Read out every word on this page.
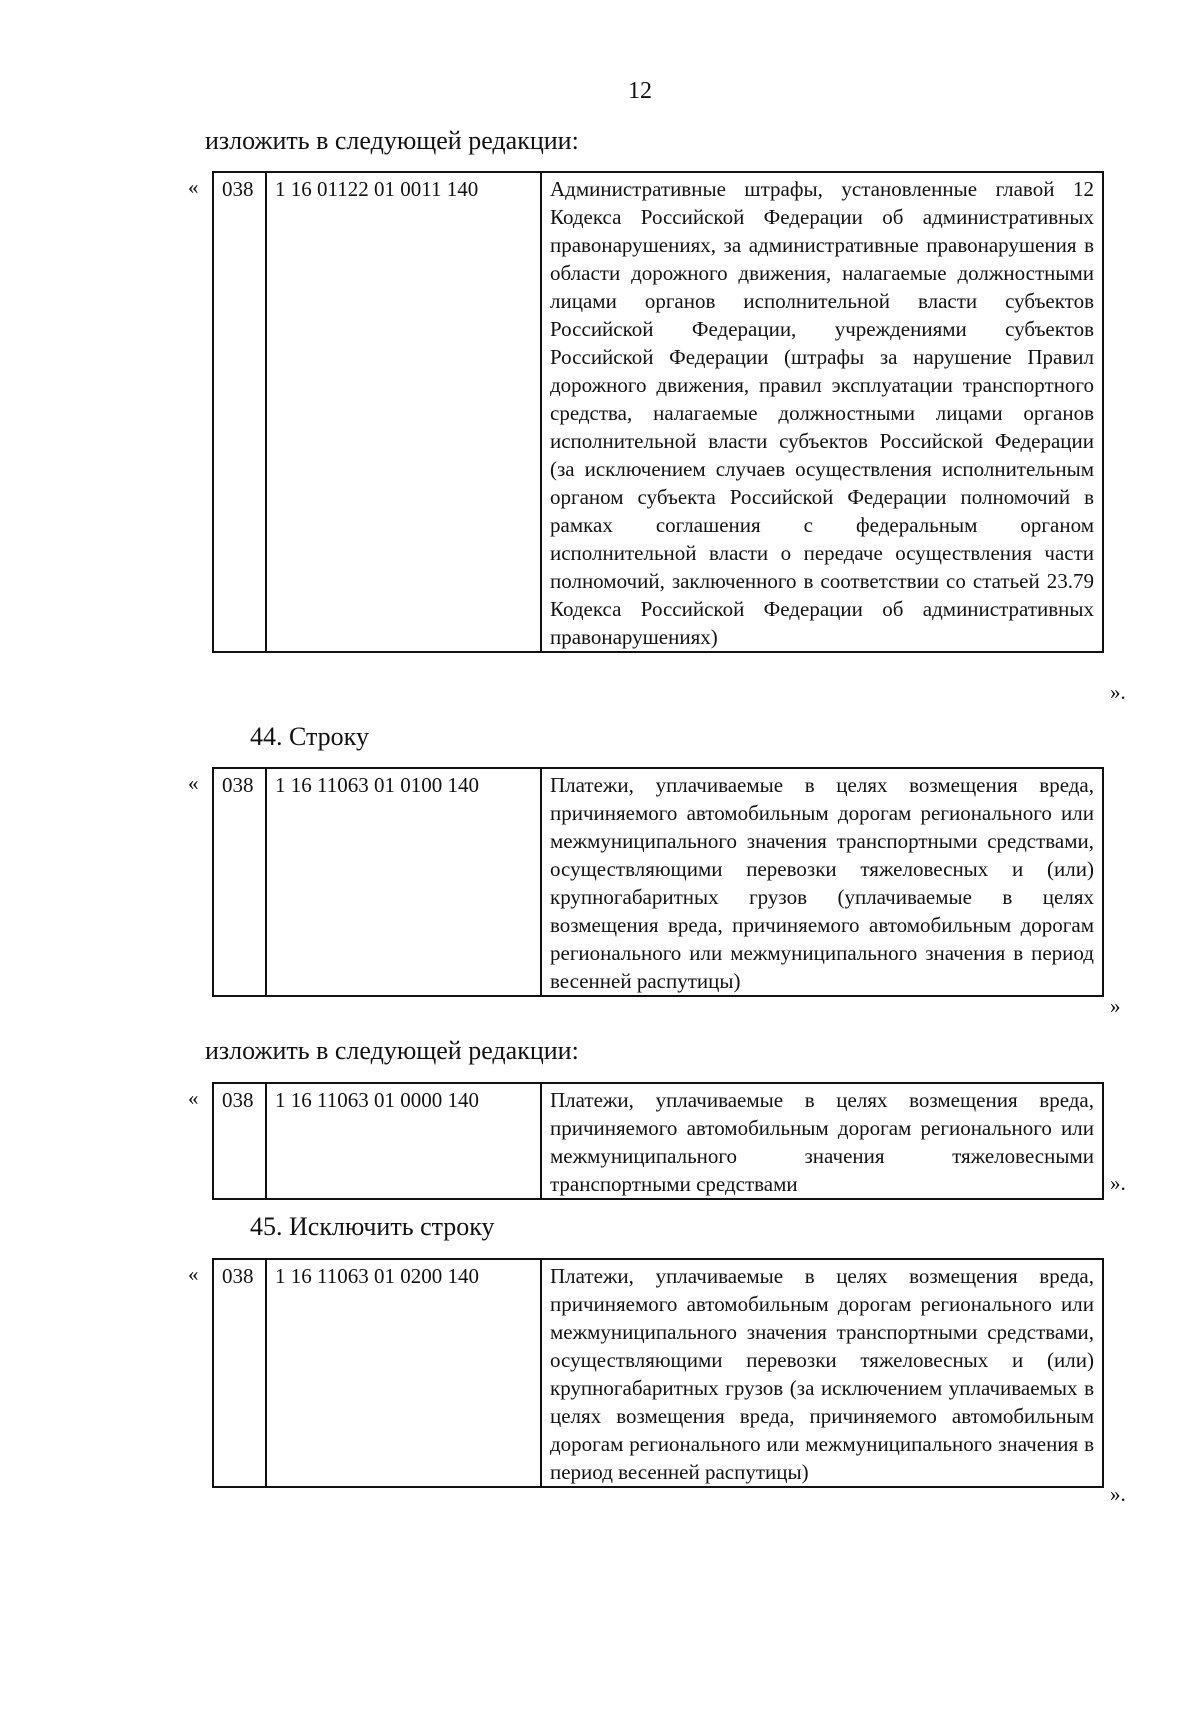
12
изложить в следующей редакции:
« 038	1 16 01122 01 0011 140	Административные штрафы, установленные главой 12 Кодекса Российской Федерации об административных правонарушениях, за административные правонарушения в области дорожного движения, налагаемые должностными лицами органов исполнительной власти субъектов Российской Федерации, учреждениями субъектов Российской Федерации (штрафы за нарушение Правил дорожного движения, правил эксплуатации транспортного средства, налагаемые должностными лицами органов исполнительной власти субъектов Российской Федерации (за исключением случаев осуществления исполнительным органом субъекта Российской Федерации полномочий в рамках соглашения с федеральным органом исполнительной власти о передаче осуществления части полномочий, заключенного в соответствии со статьей 23.79 Кодекса Российской Федерации об административных правонарушениях)
».
44. Строку
« 038	1 16 11063 01 0100 140	Платежи, уплачиваемые в целях возмещения вреда, причиняемого автомобильным дорогам регионального или межмуниципального значения транспортными средствами, осуществляющими перевозки тяжеловесных и (или) крупногабаритных грузов (уплачиваемые в целях возмещения вреда, причиняемого автомобильным дорогам регионального или межмуниципального значения в период весенней распутицы)
»
изложить в следующей редакции:
« 038	1 16 11063 01 0000 140	Платежи, уплачиваемые в целях возмещения вреда, причиняемого автомобильным дорогам регионального или межмуниципального значения тяжеловесными транспортными средствами	».
45. Исключить строку
« 038	1 16 11063 01 0200 140	Платежи, уплачиваемые в целях возмещения вреда, причиняемого автомобильным дорогам регионального или межмуниципального значения транспортными средствами, осуществляющими перевозки тяжеловесных и (или) крупногабаритных грузов (за исключением уплачиваемых в целях возмещения вреда, причиняемого автомобильным дорогам регионального или межмуниципального значения в период весенней распутицы)
».
